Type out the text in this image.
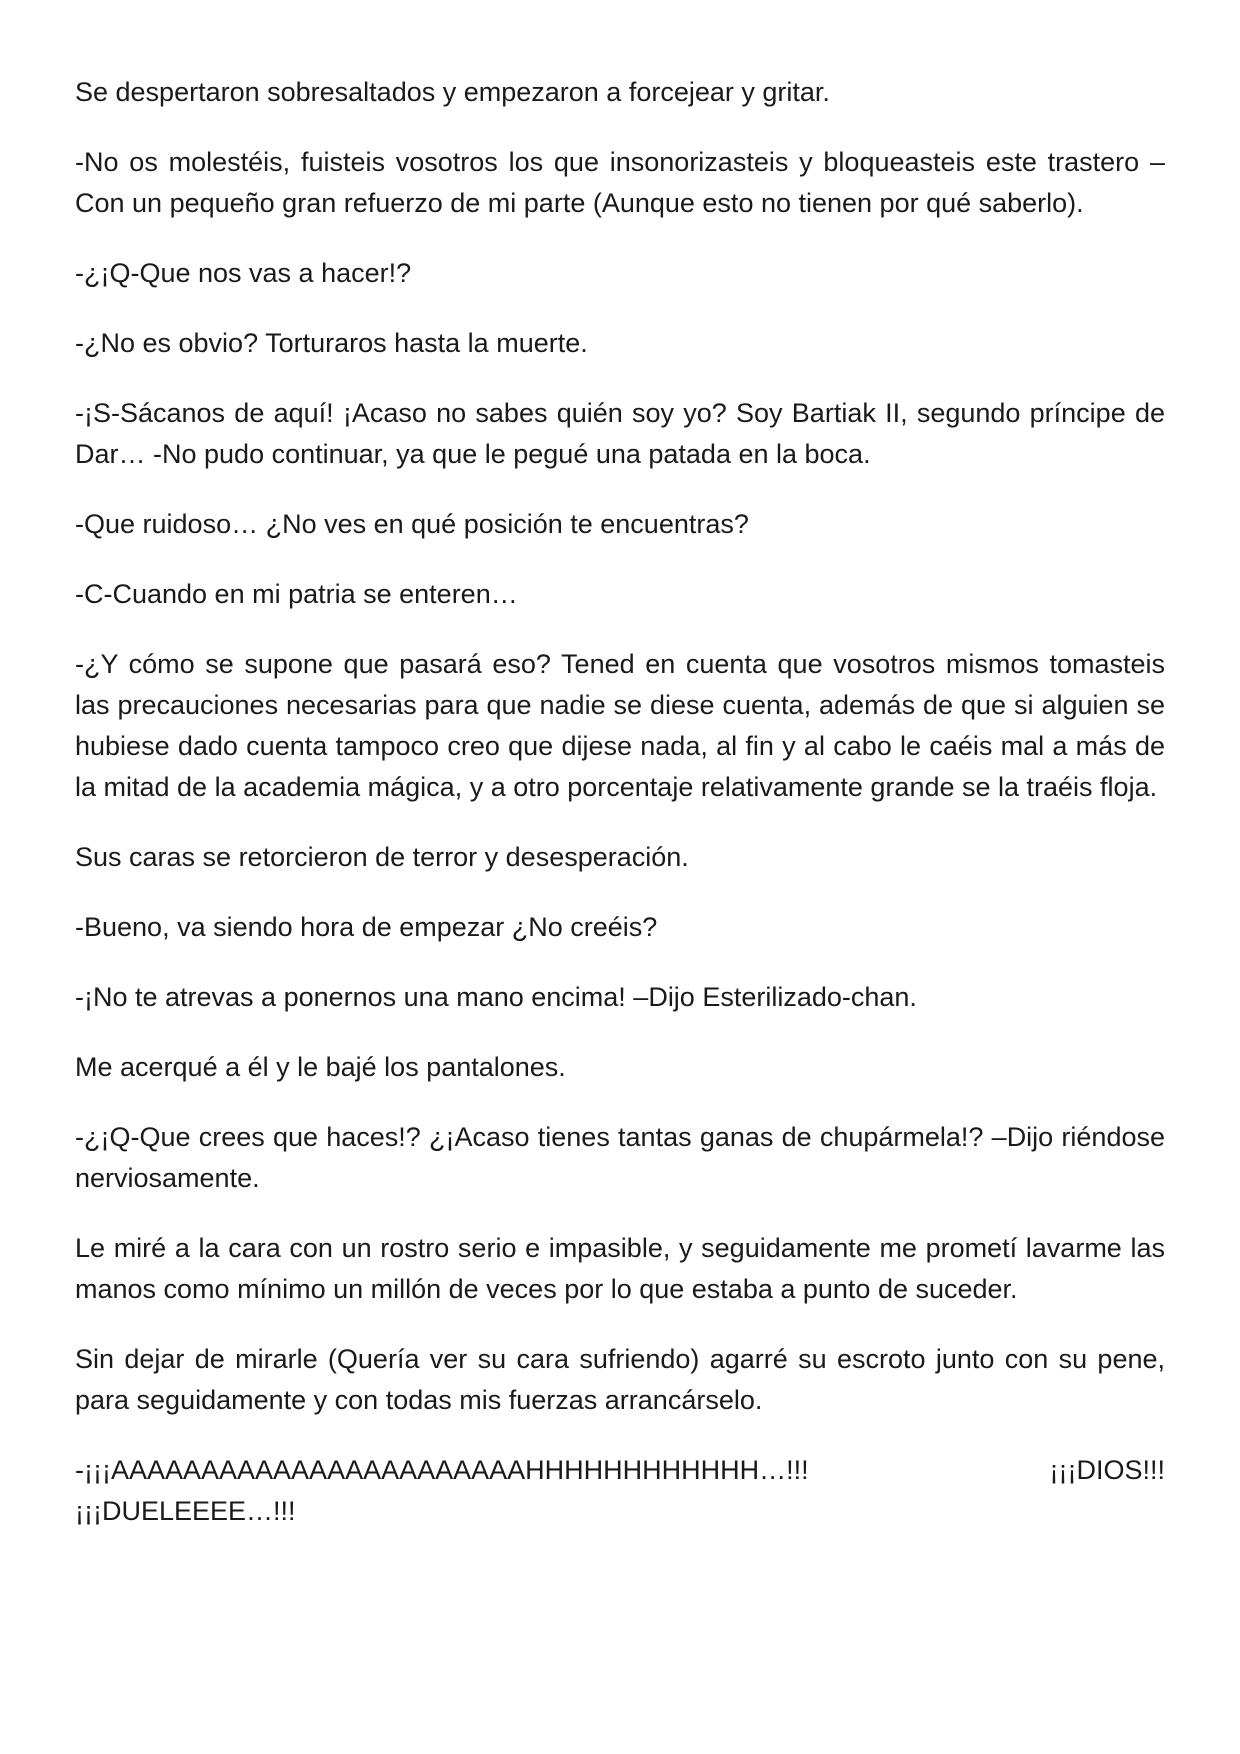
Se despertaron sobresaltados y empezaron a forcejear y gritar.

-No os molestéis, fuisteis vosotros los que insonorizasteis y bloqueasteis este trastero –Con un pequeño gran refuerzo de mi parte (Aunque esto no tienen por qué saberlo).

-¿¡Q-Que nos vas a hacer!?

-¿No es obvio? Torturaros hasta la muerte.

-¡S-Sácanos de aquí! ¡Acaso no sabes quién soy yo? Soy Bartiak II, segundo príncipe de Dar… -No pudo continuar, ya que le pegué una patada en la boca.

-Que ruidoso… ¿No ves en qué posición te encuentras?

-C-Cuando en mi patria se enteren…

-¿Y cómo se supone que pasará eso? Tened en cuenta que vosotros mismos tomasteis las precauciones necesarias para que nadie se diese cuenta, además de que si alguien se hubiese dado cuenta tampoco creo que dijese nada, al fin y al cabo le caéis mal a más de la mitad de la academia mágica, y a otro porcentaje relativamente grande se la traéis floja.

Sus caras se retorcieron de terror y desesperación.

-Bueno, va siendo hora de empezar ¿No creéis?

-¡No te atrevas a ponernos una mano encima! –Dijo Esterilizado-chan.

Me acerqué a él y le bajé los pantalones.

-¿¡Q-Que crees que haces!? ¿¡Acaso tienes tantas ganas de chupármela!? –Dijo riéndose nerviosamente.

Le miré a la cara con un rostro serio e impasible, y seguidamente me prometí lavarme las manos como mínimo un millón de veces por lo que estaba a punto de suceder.

Sin dejar de mirarle (Quería ver su cara sufriendo) agarré su escroto junto con su pene, para seguidamente y con todas mis fuerzas arrancárselo.

-¡¡¡AAAAAAAAAAAAAAAAAAAAAAAHHHHHHHHHHHH…!!!	¡¡¡DIOS!!!
¡¡¡DUELEEEE…!!!
